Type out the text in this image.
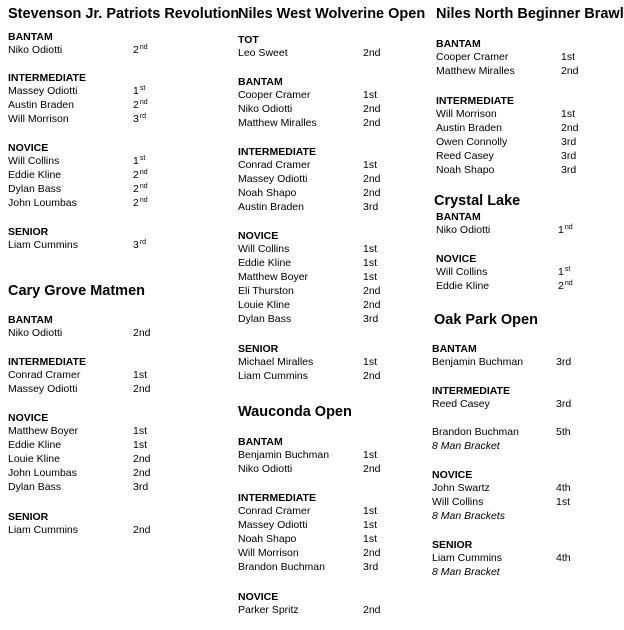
Stevenson Jr. Patriots Revolution
BANTAM
Niko Odiotti	2nd
INTERMEDIATE
Massey Odiotti	1st
Austin Braden	2nd
Will Morrison	3rd
NOVICE
Will Collins	1st
Eddie Kline	2nd
Dylan Bass	2nd
John Loumbas	2nd
SENIOR
Liam Cummins	3rd
Cary Grove Matmen
BANTAM
Niko Odiotti	2nd
INTERMEDIATE
Conrad Cramer	1st
Massey Odiotti	2nd
NOVICE
Matthew Boyer	1st
Eddie Kline	1st
Louie Kline	2nd
John Loumbas	2nd
Dylan Bass	3rd
SENIOR
Liam Cummins	2nd
Niles West Wolverine Open
TOT
Leo Sweet	2nd
BANTAM
Cooper Cramer	1st
Niko Odiotti	2nd
Matthew Miralles	2nd
INTERMEDIATE
Conrad Cramer	1st
Massey Odiotti	2nd
Noah Shapo	2nd
Austin Braden	3rd
NOVICE
Will Collins	1st
Eddie Kline	1st
Matthew Boyer	1st
Eli Thurston	2nd
Louie Kline	2nd
Dylan Bass	3rd
SENIOR
Michael Miralles	1st
Liam Cummins	2nd
Wauconda Open
BANTAM
Benjamin Buchman	1st
Niko Odiotti	2nd
INTERMEDIATE
Conrad Cramer	1st
Massey Odiotti	1st
Noah Shapo	1st
Will Morrison	2nd
Brandon Buchman	3rd
NOVICE
Parker Spritz	2nd
Niles North Beginner Brawl
BANTAM
Cooper Cramer	1st
Matthew Miralles	2nd
INTERMEDIATE
Will Morrison	1st
Austin Braden	2nd
Owen Connolly	3rd
Reed Casey	3rd
Noah Shapo	3rd
Crystal Lake
BANTAM
Niko Odiotti	1nd
NOVICE
Will Collins	1st
Eddie Kline	2nd
Oak Park Open
BANTAM
Benjamin Buchman	3rd
INTERMEDIATE
Reed Casey	3rd
Brandon Buchman	5th
8 Man Bracket
NOVICE
John Swartz	4th
Will Collins	1st
8 Man Brackets
SENIOR
Liam Cummins	4th
8 Man Bracket
